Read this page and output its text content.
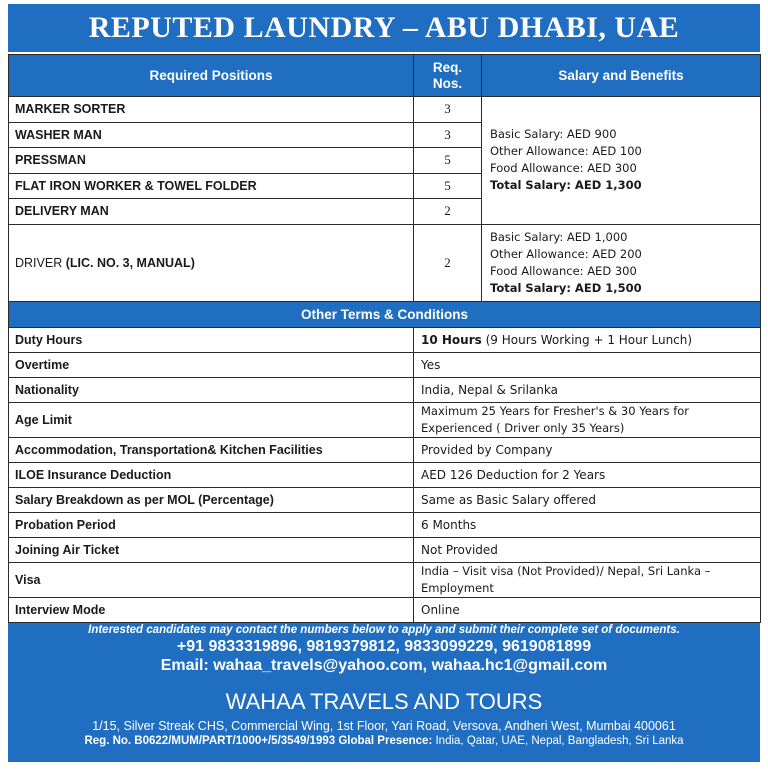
REPUTED LAUNDRY – ABU DHABI, UAE
Required Positions	Req. Nos.	Salary and Benefits
MARKER SORTER	3	Basic Salary: AED 900
Other Allowance: AED 100
Food Allowance: AED 300
Total Salary: AED 1,300

WASHER MAN	3	
PRESSMAN	5	
FLAT IRON WORKER & TOWEL FOLDER	5	
DELIVERY MAN	2	
DRIVER (LIC. NO. 3, MANUAL)	2	Basic Salary: AED 1,000
Other Allowance: AED 200
Food Allowance: AED 300
Total Salary: AED 1,500

Other Terms & Conditions		
Duty Hours	10 Hours (9 Hours Working + 1 Hour Lunch)	
Overtime	Yes	
Nationality	India, Nepal & Srilanka	
Age Limit	Maximum 25 Years for Fresher's & 30 Years for Experienced ( Driver only 35 Years)	
Accommodation, Transportation& Kitchen Facilities	Provided by Company	
ILOE Insurance Deduction	AED 126 Deduction for 2 Years	
Salary Breakdown as per MOL (Percentage)	Same as Basic Salary offered	
Probation Period	6 Months	
Joining Air Ticket	Not Provided	
Visa	India – Visit visa (Not Provided)/ Nepal, Sri Lanka – Employment	
Interview Mode	Online	
Interested candidates may contact the numbers below to apply and submit their complete set of documents.
+91 9833319896, 9819379812, 9833099229, 9619081899
Email: wahaa_travels@yahoo.com, wahaa.hc1@gmail.com
WAHAA TRAVELS AND TOURS
1/15, Silver Streak CHS, Commercial Wing, 1st Floor, Yari Road, Versova, Andheri West, Mumbai 400061
Reg. No. B0622/MUM/PART/1000+/5/3549/1993 Global Presence: India, Qatar, UAE, Nepal, Bangladesh, Sri Lanka
